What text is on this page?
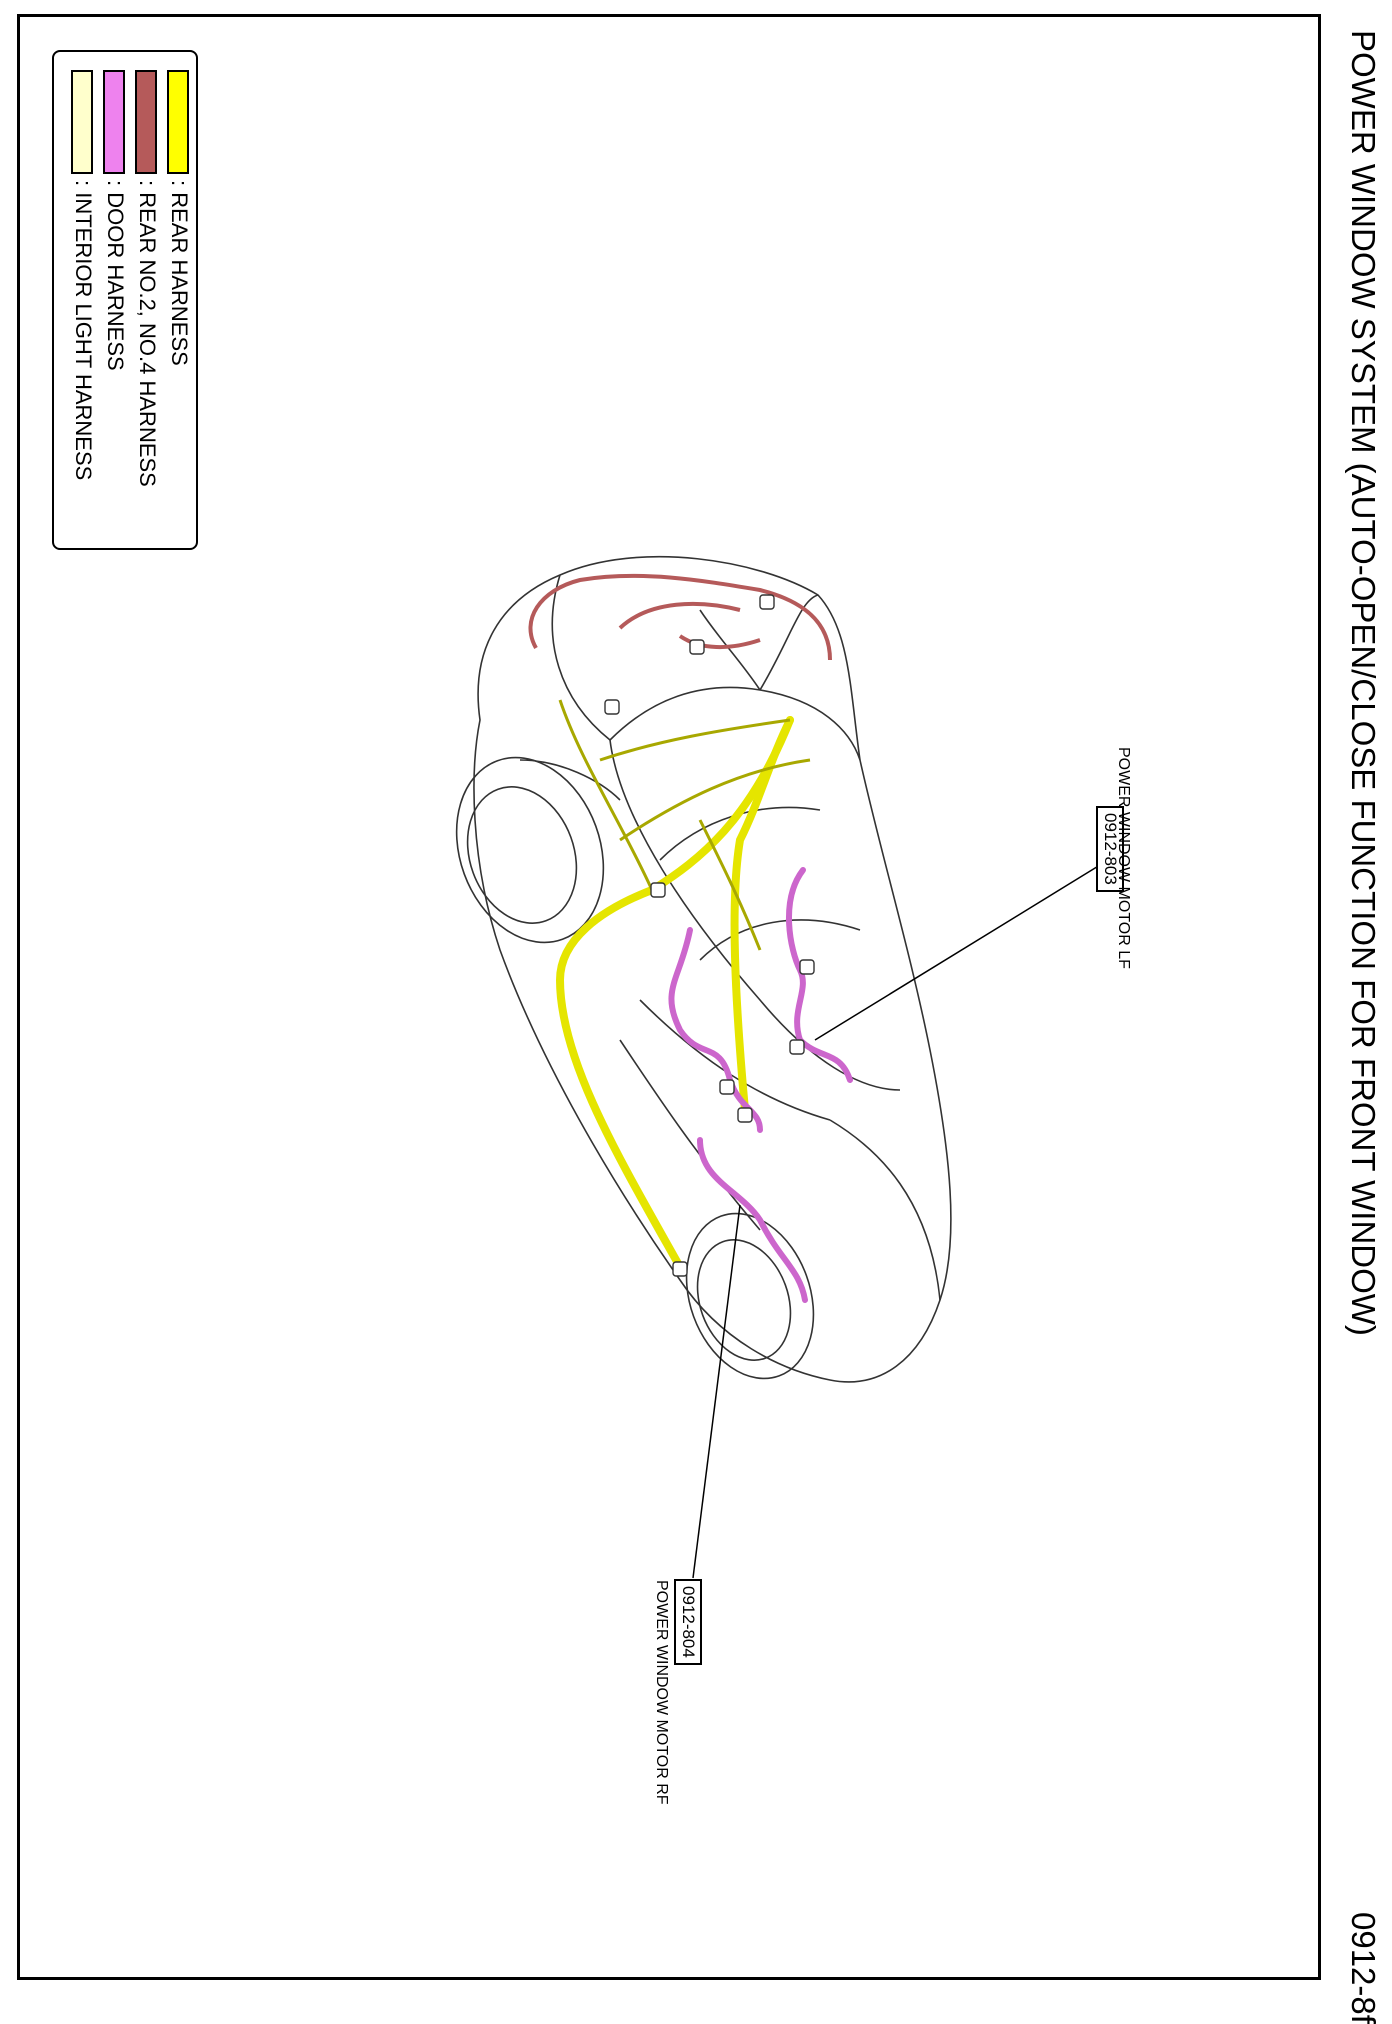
POWER WINDOW SYSTEM (AUTO-OPEN/CLOSE FUNCTION FOR FRONT WINDOW)
0912-8f
: REAR HARNESS
: REAR NO.2, NO.4 HARNESS
: DOOR HARNESS
: INTERIOR LIGHT HARNESS
0912-803
POWER WINDOW MOTOR LF
0912-804
POWER WINDOW MOTOR RF
